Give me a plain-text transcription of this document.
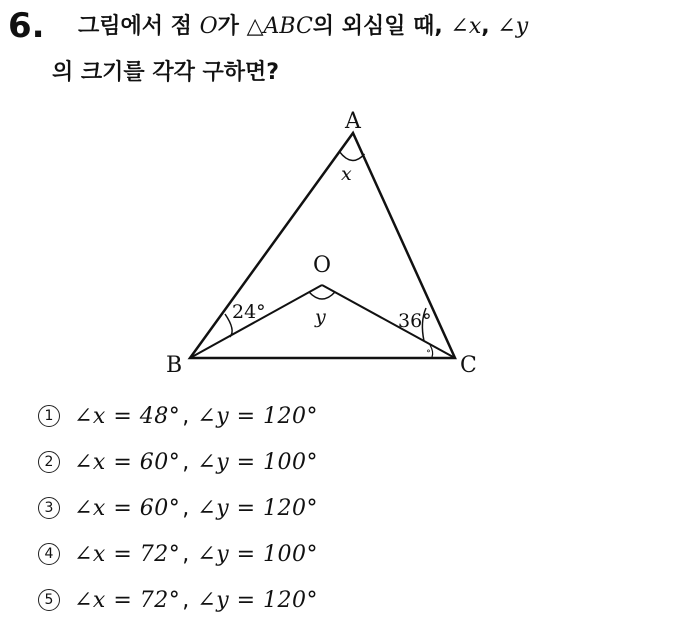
6. 그림에서 점 O가 △ABC의 외심일 때, ∠x, ∠y
의 크기를 각각 구하면?
A
B	C
O
x
y
24°	36°
∘
1 ∠x = 48° , ∠y = 120°
2 ∠x = 60° , ∠y = 100°
3 ∠x = 60° , ∠y = 120°
4 ∠x = 72° , ∠y = 100°
5 ∠x = 72° , ∠y = 120°
